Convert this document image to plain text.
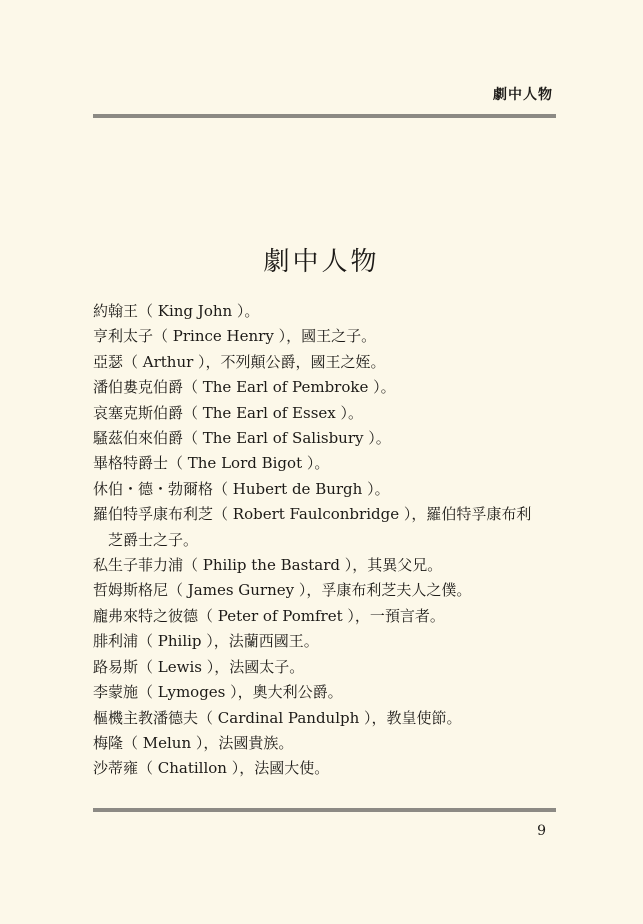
劇中人物
劇中人物
約翰王（ King John ）。
亨利太子（ Prince Henry ），國王之子。
亞瑟（ Arthur ），不列顛公爵，國王之姪。
潘伯婁克伯爵（ The Earl of Pembroke ）。
哀塞克斯伯爵（ The Earl of Essex ）。
騷茲伯來伯爵（ The Earl of Salisbury ）。
畢格特爵士（ The Lord Bigot ）。
休伯・德・勃爾格（ Hubert de Burgh ）。
羅伯特孚康布利芝（ Robert Faulconbridge ），羅伯特孚康布利
芝爵士之子。
私生子菲力浦（ Philip the Bastard ），其異父兄。
哲姆斯格尼（ James Gurney ），孚康布利芝夫人之僕。
龐弗來特之彼德（ Peter of Pomfret ），一預言者。
腓利浦（ Philip ），法蘭西國王。
路易斯（ Lewis ），法國太子。
李蒙施（ Lymoges ），奧大利公爵。
樞機主教潘德夫（ Cardinal Pandulph ），教皇使節。
梅隆（ Melun ），法國貴族。
沙蒂雍（ Chatillon ），法國大使。
9
